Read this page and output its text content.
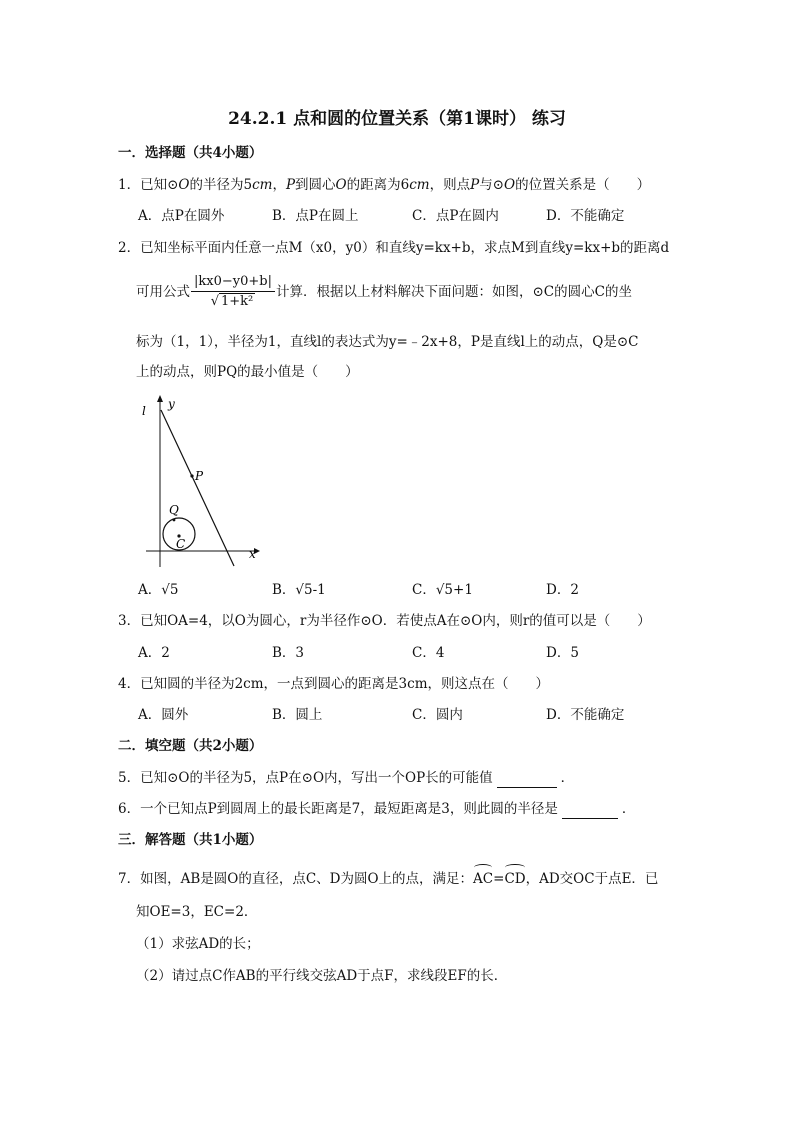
24.2.1 点和圆的位置关系（第1课时） 练习
一．选择题（共4小题）
1．已知⊙O的半径为5cm，P到圆心O的距离为6cm，则点P与⊙O的位置关系是（　　）
A．点P在圆外	B．点P在圆上	C．点P在圆内	D．不能确定
2．已知坐标平面内任意一点M（x0，y0）和直线y=kx+b，求点M到直线y=kx+b的距离d
可用公式 $\frac{|kx0-y0+b|}{\text{√ 1+k²}}$ 计算．根据以上材料解决下面问题：如图，⊙C的圆心C的坐
标为（1，1），半径为1，直线l的表达式为y=﹣2x+8，P是直线l上的动点，Q是⊙C
上的动点，则PQ的最小值是（　　）
l y
x
P
Q
C
A．√5	B．√5-1	C．√5+1	D．2
3．已知OA=4，以O为圆心，r为半径作⊙O．若使点A在⊙O内，则r的值可以是（　　）
A．2	B．3	C．4	D．5
4．已知圆的半径为2cm，一点到圆心的距离是3cm，则这点在（　　）
A．圆外	B．圆上	C．圆内	D．不能确定
二．填空题（共2小题）
5．已知⊙O的半径为5，点P在⊙O内，写出一个OP长的可能值	．
6．一个已知点P到圆周上的最长距离是7，最短距离是3，则此圆的半径是	．
三．解答题（共1小题）
7．如图，AB是圆O的直径，点C、D为圆O上的点，满足：AC=CD，AD交OC于点E．已
知OE=3，EC=2．
（1）求弦AD的长；
（2）请过点C作AB的平行线交弦AD于点F，求线段EF的长．
